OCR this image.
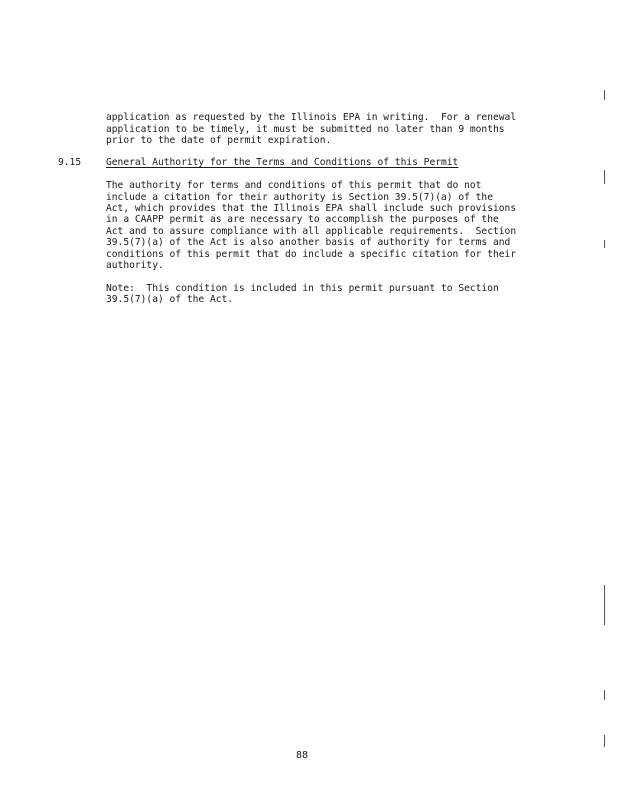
application as requested by the Illinois EPA in writing.  For a renewal
application to be timely, it must be submitted no later than 9 months
prior to the date of permit expiration.
9.15	General Authority for the Terms and Conditions of this Permit
The authority for terms and conditions of this permit that do not
include a citation for their authority is Section 39.5(7)(a) of the
Act, which provides that the Illinois EPA shall include such provisions
in a CAAPP permit as are necessary to accomplish the purposes of the
Act and to assure compliance with all applicable requirements.  Section
39.5(7)(a) of the Act is also another basis of authority for terms and
conditions of this permit that do include a specific citation for their
authority.
Note:  This condition is included in this permit pursuant to Section
39.5(7)(a) of the Act.
88
